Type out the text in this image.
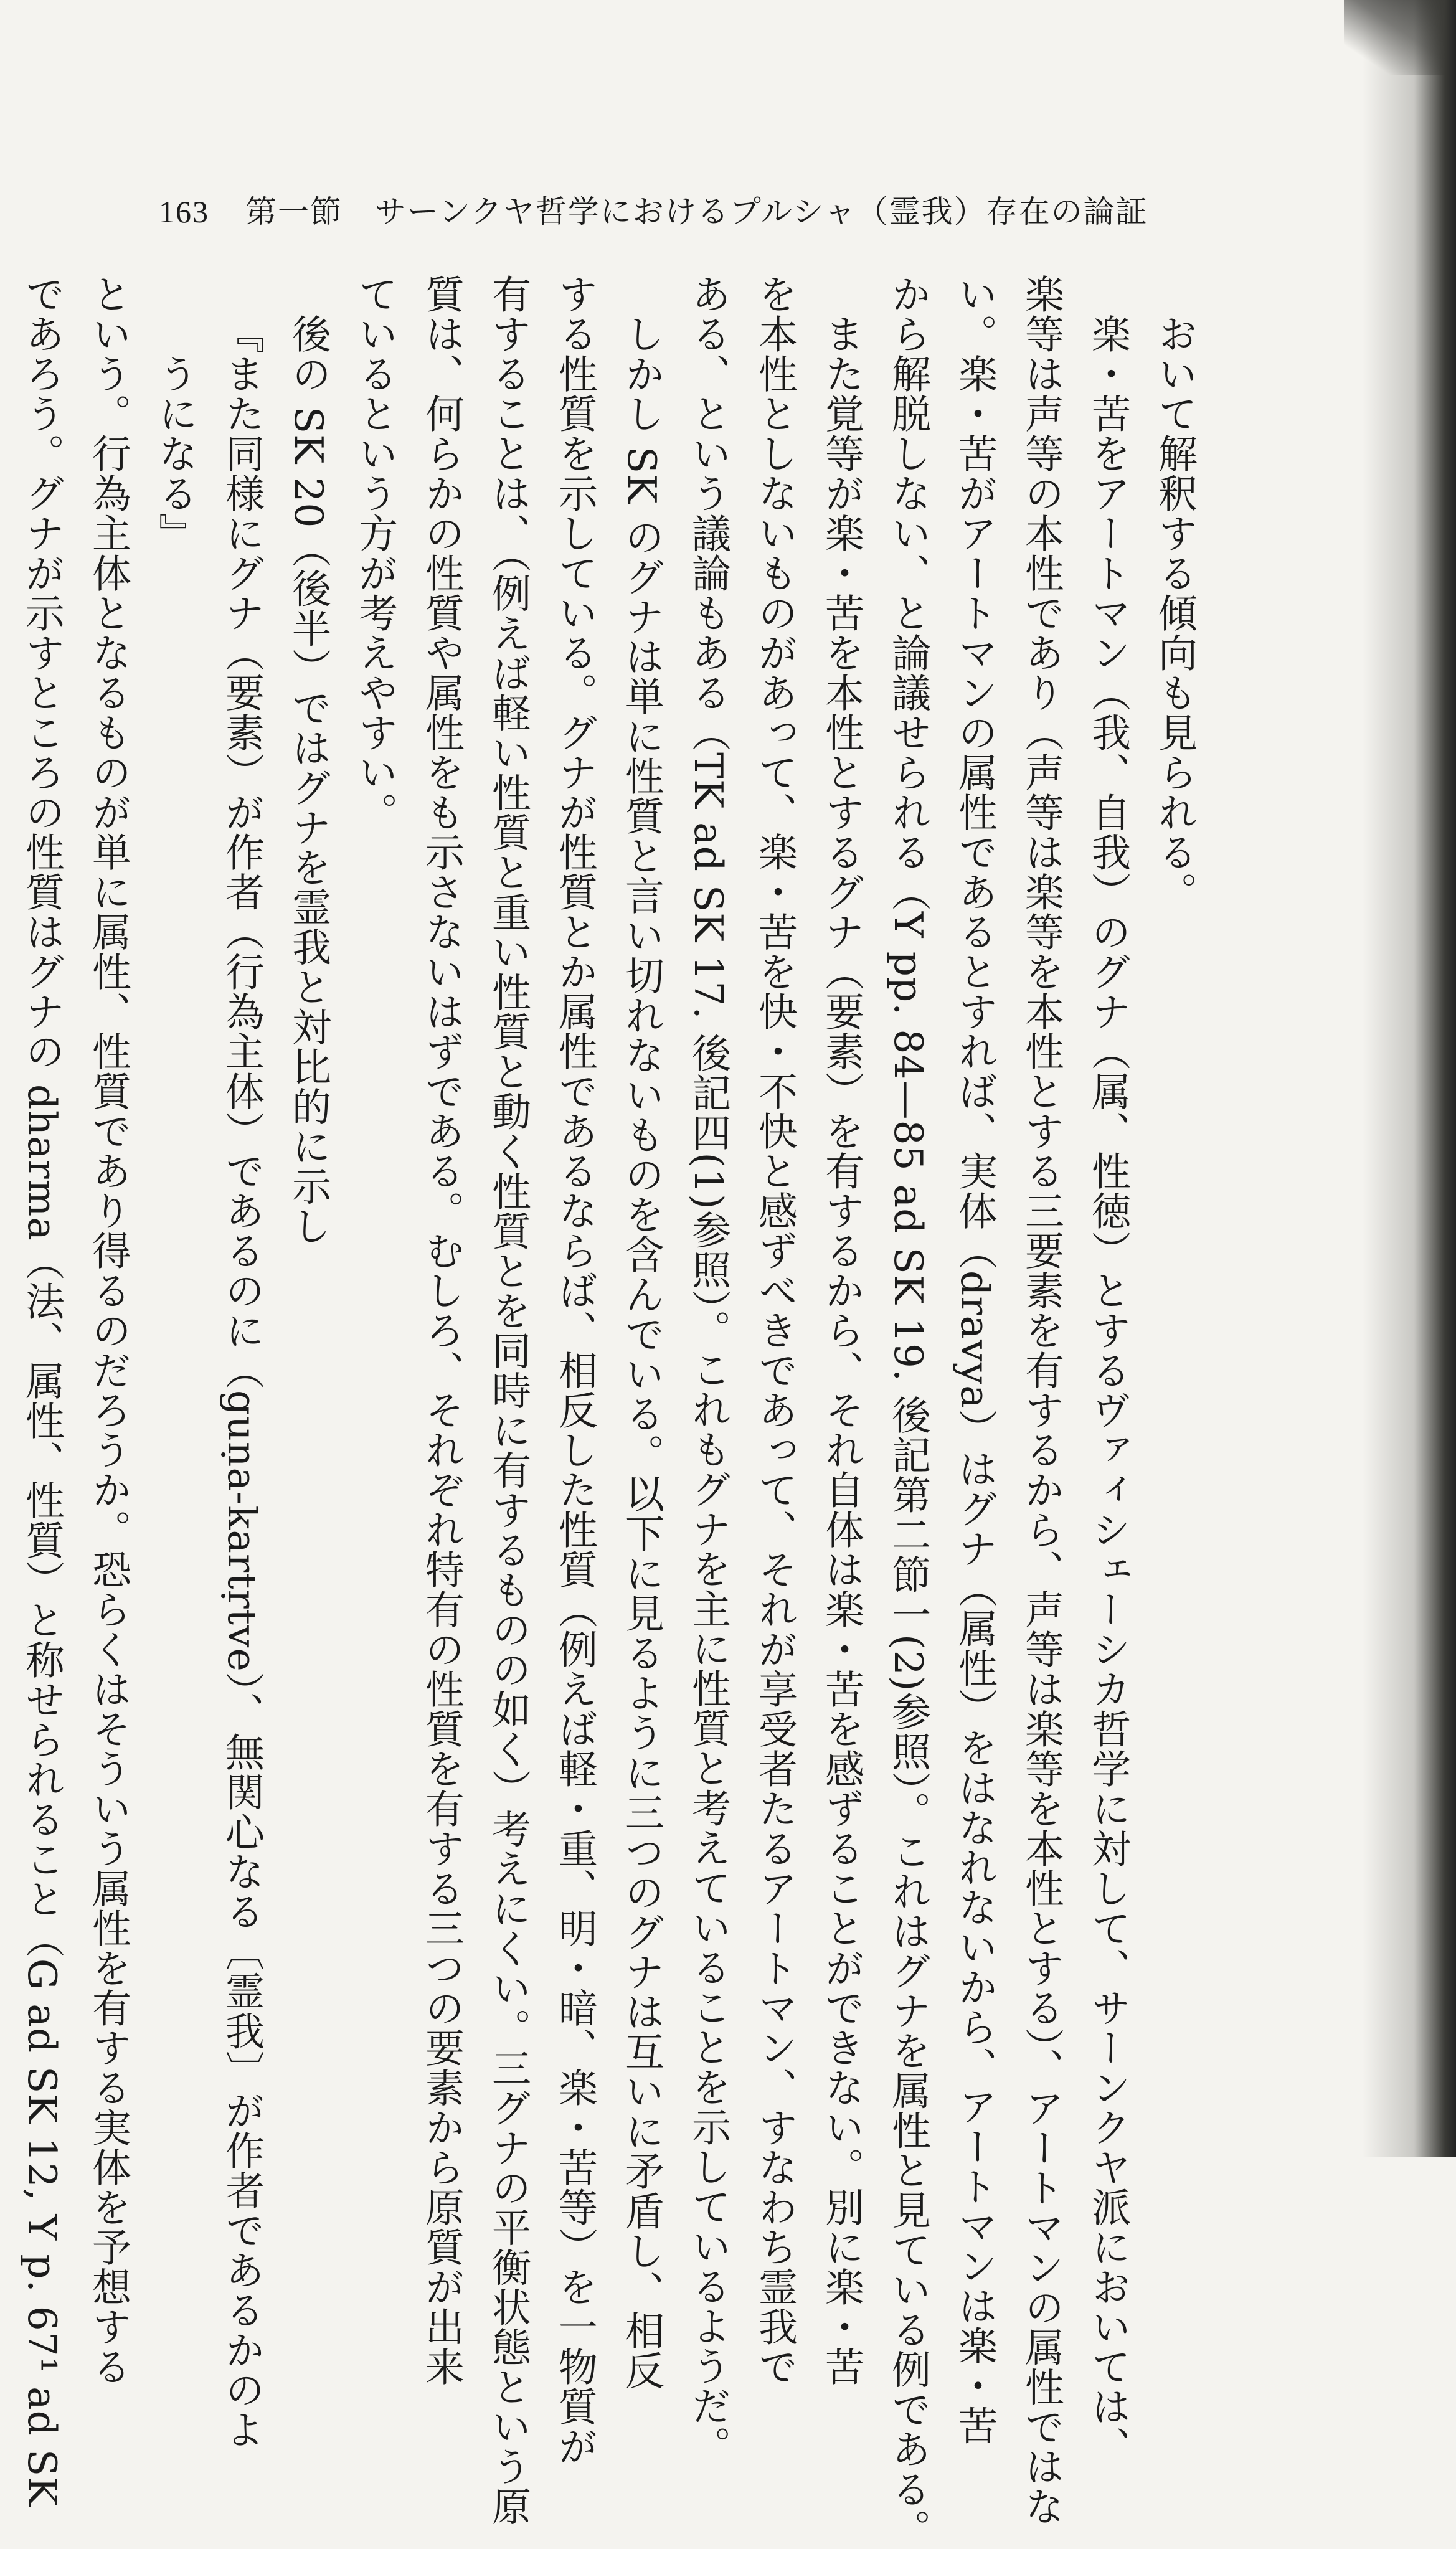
163 第一節　サーンクヤ哲学におけるプルシャ（霊我）存在の論証
おいて解釈する傾向も見られる。
楽・苦をアートマン（我、自我）のグナ（属、性徳）とするヴァィシェーシカ哲学に対して、サーンクヤ派においては、
楽等は声等の本性であり（声等は楽等を本性とする三要素を有するから、声等は楽等を本性とする）、アートマンの属性ではな
い。楽・苦がアートマンの属性であるとすれば、実体（dravya）はグナ（属性）をはなれないから、アートマンは楽・苦
から解脱しない、と論議せられる（Y pp. 84—85 ad SK 19. 後記第二節一(2)参照）。これはグナを属性と見ている例である。
また覚等が楽・苦を本性とするグナ（要素）を有するから、それ自体は楽・苦を感ずることができない。別に楽・苦
を本性としないものがあって、楽・苦を快・不快と感ずべきであって、それが享受者たるアートマン、すなわち霊我で
ある、という議論もある（TK ad SK 17. 後記四(1)参照）。これもグナを主に性質と考えていることを示しているようだ。
しかし SK のグナは単に性質と言い切れないものを含んでいる。以下に見るように三つのグナは互いに矛盾し、相反
する性質を示している。グナが性質とか属性であるならば、相反した性質（例えば軽・重、明・暗、楽・苦等）を一物質が
有することは、（例えば軽い性質と重い性質と動く性質とを同時に有するものの如く）考えにくい。三グナの平衡状態という原
質は、何らかの性質や属性をも示さないはずである。むしろ、それぞれ特有の性質を有する三つの要素から原質が出来
ているという方が考えやすい。
後の SK 20（後半）ではグナを霊我と対比的に示し
『また同様にグナ（要素）が作者（行為主体）であるのに（guṇa-kartṛtve）、無関心なる〔霊我〕が作者であるかのよ
うになる』
という。行為主体となるものが単に属性、性質であり得るのだろうか。恐らくはそういう属性を有する実体を予想する
であろう。グナが示すところの性質はグナの dharma（法、属性、性質）と称せられること（G ad SK 12, Y p. 67¹ ad SK
